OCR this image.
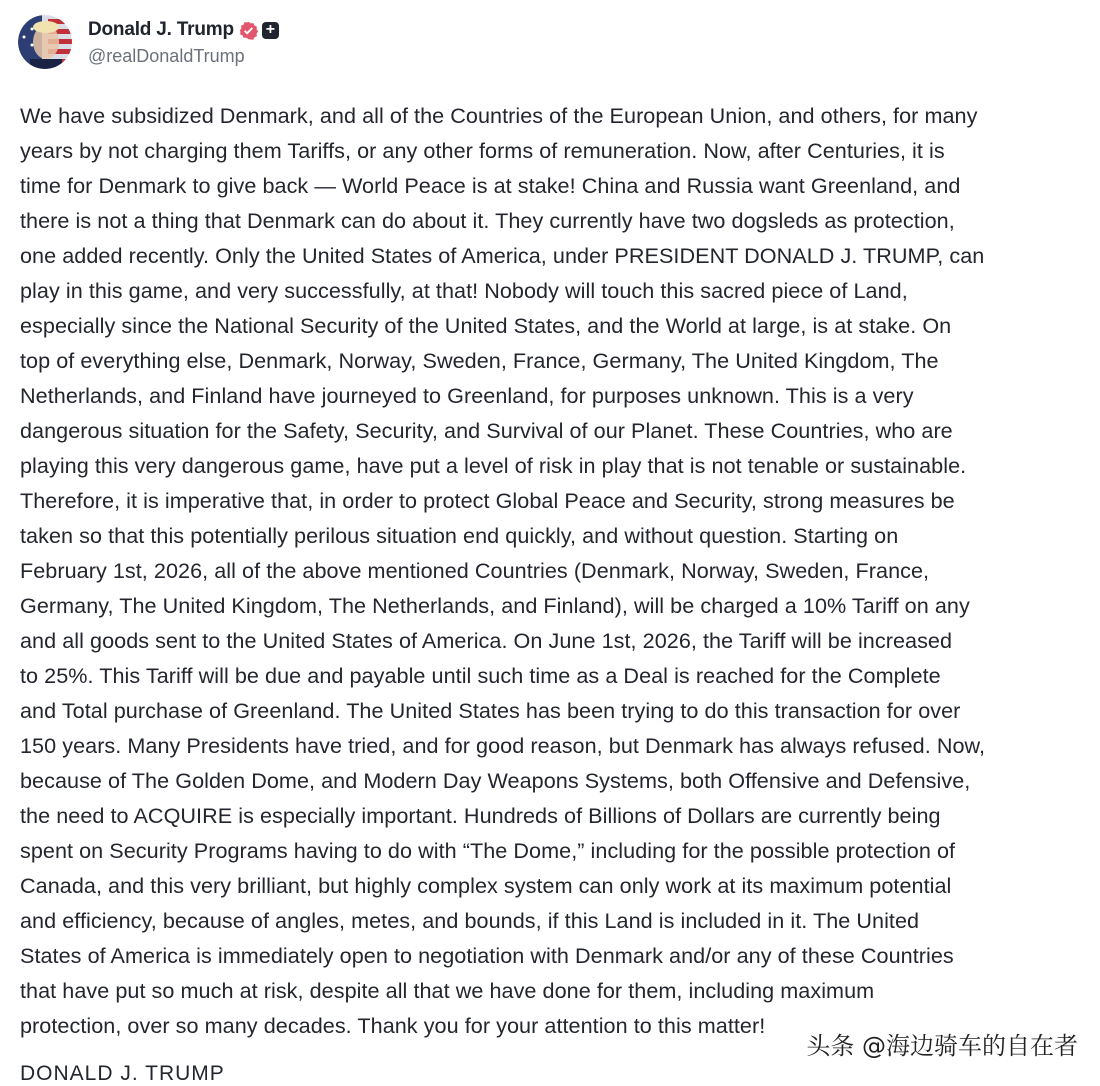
Donald J. Trump +
@realDonaldTrump
We have subsidized Denmark, and all of the Countries of the European Union, and others, for many
years by not charging them Tariffs, or any other forms of remuneration. Now, after Centuries, it is
time for Denmark to give back — World Peace is at stake! China and Russia want Greenland, and
there is not a thing that Denmark can do about it. They currently have two dogsleds as protection,
one added recently. Only the United States of America, under PRESIDENT DONALD J. TRUMP, can
play in this game, and very successfully, at that! Nobody will touch this sacred piece of Land,
especially since the National Security of the United States, and the World at large, is at stake. On
top of everything else, Denmark, Norway, Sweden, France, Germany, The United Kingdom, The
Netherlands, and Finland have journeyed to Greenland, for purposes unknown. This is a very
dangerous situation for the Safety, Security, and Survival of our Planet. These Countries, who are
playing this very dangerous game, have put a level of risk in play that is not tenable or sustainable.
Therefore, it is imperative that, in order to protect Global Peace and Security, strong measures be
taken so that this potentially perilous situation end quickly, and without question. Starting on
February 1st, 2026, all of the above mentioned Countries (Denmark, Norway, Sweden, France,
Germany, The United Kingdom, The Netherlands, and Finland), will be charged a 10% Tariff on any
and all goods sent to the United States of America. On June 1st, 2026, the Tariff will be increased
to 25%. This Tariff will be due and payable until such time as a Deal is reached for the Complete
and Total purchase of Greenland. The United States has been trying to do this transaction for over
150 years. Many Presidents have tried, and for good reason, but Denmark has always refused. Now,
because of The Golden Dome, and Modern Day Weapons Systems, both Offensive and Defensive,
the need to ACQUIRE is especially important. Hundreds of Billions of Dollars are currently being
spent on Security Programs having to do with “The Dome,” including for the possible protection of
Canada, and this very brilliant, but highly complex system can only work at its maximum potential
and efficiency, because of angles, metes, and bounds, if this Land is included in it. The United
States of America is immediately open to negotiation with Denmark and/or any of these Countries
that have put so much at risk, despite all that we have done for them, including maximum
protection, over so many decades. Thank you for your attention to this matter!
DONALD J. TRUMP
头条 @海边骑车的自在者
